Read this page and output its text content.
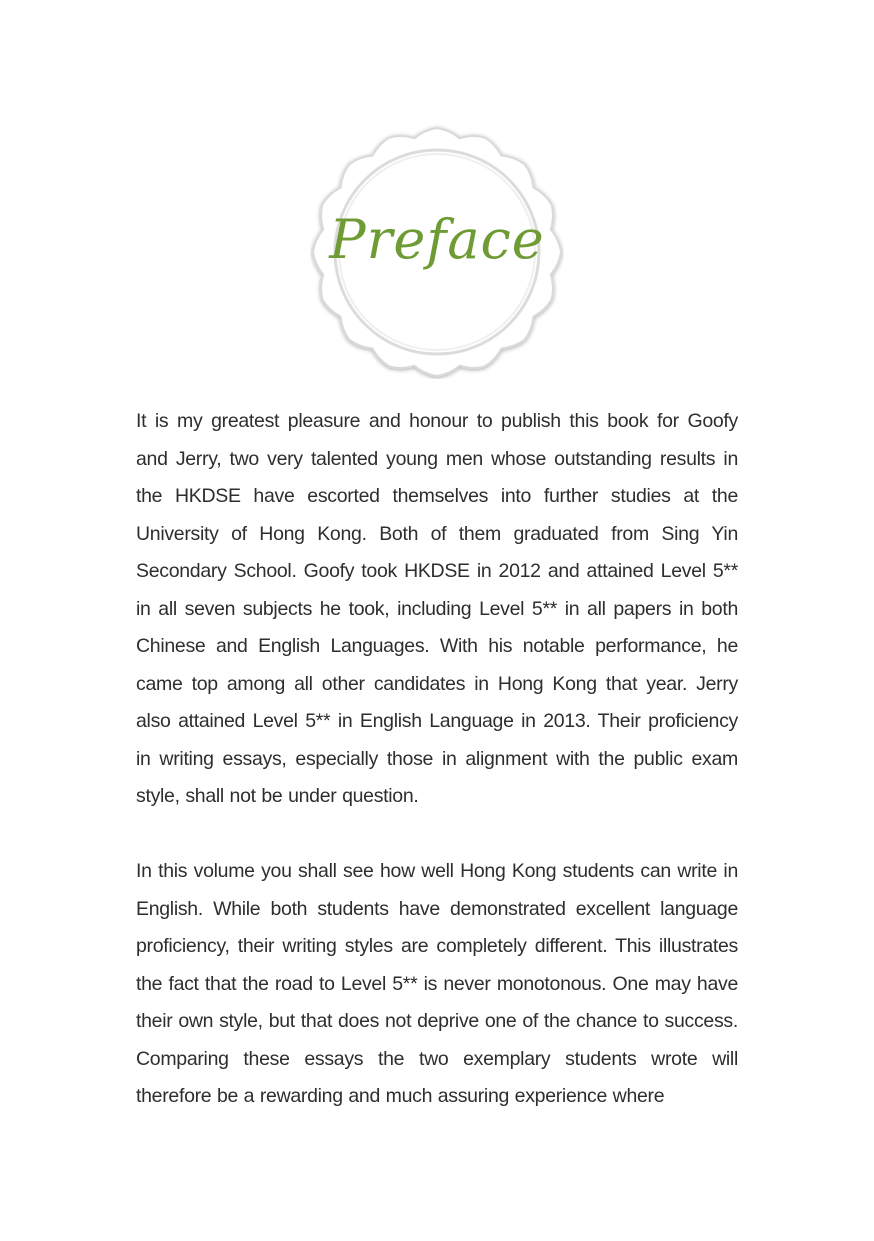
Preface

It is my greatest pleasure and honour to publish this book for Goofy and Jerry, two very talented young men whose outstanding results in the HKDSE have escorted themselves into further studies at the University of Hong Kong. Both of them graduated from Sing Yin Secondary School. Goofy took HKDSE in 2012 and attained Level 5** in all seven subjects he took, including Level 5** in all papers in both Chinese and English Languages. With his notable performance, he came top among all other candidates in Hong Kong that year. Jerry also attained Level 5** in English Language in 2013. Their proficiency in writing essays, especially those in alignment with the public exam style, shall not be under question.

In this volume you shall see how well Hong Kong students can write in English. While both students have demonstrated excellent language proficiency, their writing styles are completely different. This illustrates the fact that the road to Level 5** is never monotonous. One may have their own style, but that does not deprive one of the chance to success. Comparing these essays the two exemplary students wrote will therefore be a rewarding and much assuring experience where
